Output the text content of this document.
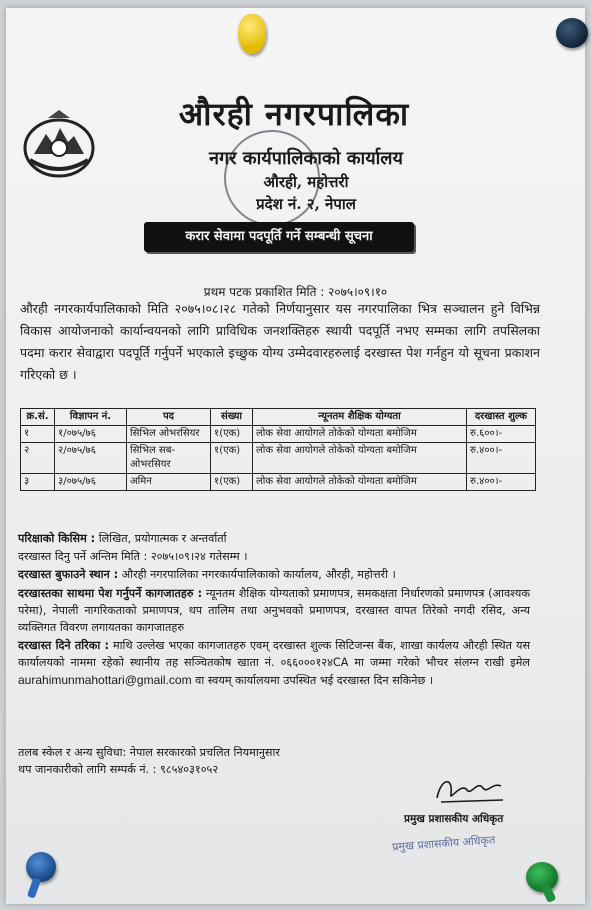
औरही नगरपालिका
नगर कार्यपालिकाको कार्यालय
औरही, महोत्तरी
प्रदेश नं. २, नेपाल
करार सेवामा पदपूर्ति गर्ने सम्बन्धी सूचना
प्रथम पटक प्रकाशित मिति : २०७५।०९।१०
औरही नगरकार्यपालिकाको मिति २०७५।०८।२८ गतेको निर्णयानुसार यस नगरपालिका भित्र सञ्चालन हुने विभिन्न विकास आयोजनाको कार्यान्वयनको लागि प्राविधिक जनशक्तिहरु स्थायी पदपूर्ति नभए सम्मका लागि तपसिलका पदमा करार सेवाद्वारा पदपूर्ति गर्नुपर्ने भएकाले इच्छुक योग्य उम्मेदवारहरुलाई दरखास्त पेश गर्नहुन यो सूचना प्रकाशन गरिएको छ ।
क्र.सं.	विज्ञापन नं.	पद	संख्या	न्यूनतम शैक्षिक योग्यता	दरखास्त शुल्क
१	१/०७५/७६	सिभिल ओभरसियर	१(एक)	लोक सेवा आयोगले तोकेको योग्यता बमोजिम	रु.६००।-
२	२/०७५/७६	सिभिल सब-ओभरसियर	१(एक)	लोक सेवा आयोगले तोकेको योग्यता बमोजिम	रु.४००।-
३	३/०७५/७६	अमिन	१(एक)	लोक सेवा आयोगले तोकेको योग्यता बमोजिम	रु.४००।-

परिक्षाको किसिम : लिखित, प्रयोगात्मक र अन्तर्वार्ता

दरखास्त दिनु पर्ने अन्तिम मिति : २०७५।०९।२४ गतेसम्म ।

दरखास्त बुफाउने स्थान : औरही नगरपालिका नगरकार्यपालिकाको कार्यालय, औरही, महोत्तरी ।

दरखास्तका साथमा पेश गर्नुपर्ने कागजातहरु : न्यूनतम शैक्षिक योग्यताको प्रमाणपत्र, समकक्षता निर्धारणको प्रमाणपत्र (आवश्यक परेमा), नेपाली नागरिकताको प्रमाणपत्र, थप तालिम तथा अनुभवको प्रमाणपत्र, दरखास्त वापत तिरेको नगदी रसिद, अन्य व्यक्तिगत विवरण लगायतका कागजातहरु

दरखास्त दिने तरिका : माथि उल्लेख भएका कागजातहरु एवम् दरखास्त शुल्क सिटिजन्स बैंक, शाखा कार्यलय औरही स्थित यस कार्यालयको नाममा रहेको स्थानीय तह सञ्चितकोष खाता नं. ०६६०००१२४CA मा जम्मा गरेको भौचर संलग्न राखी इमेल aurahimunmahottari@gmail.com वा स्वयम् कार्यालयमा उपस्थित भई दरखास्त दिन सकिनेछ ।

तलब स्केल र अन्य सुविधा: नेपाल सरकारको प्रचलित नियमानुसार

थप जानकारीको लागि सम्पर्क नं. : ९८५४०३१०५२

प्रमुख प्रशासकीय अधिकृत
प्रमुख प्रशासकीय अधिकृत
